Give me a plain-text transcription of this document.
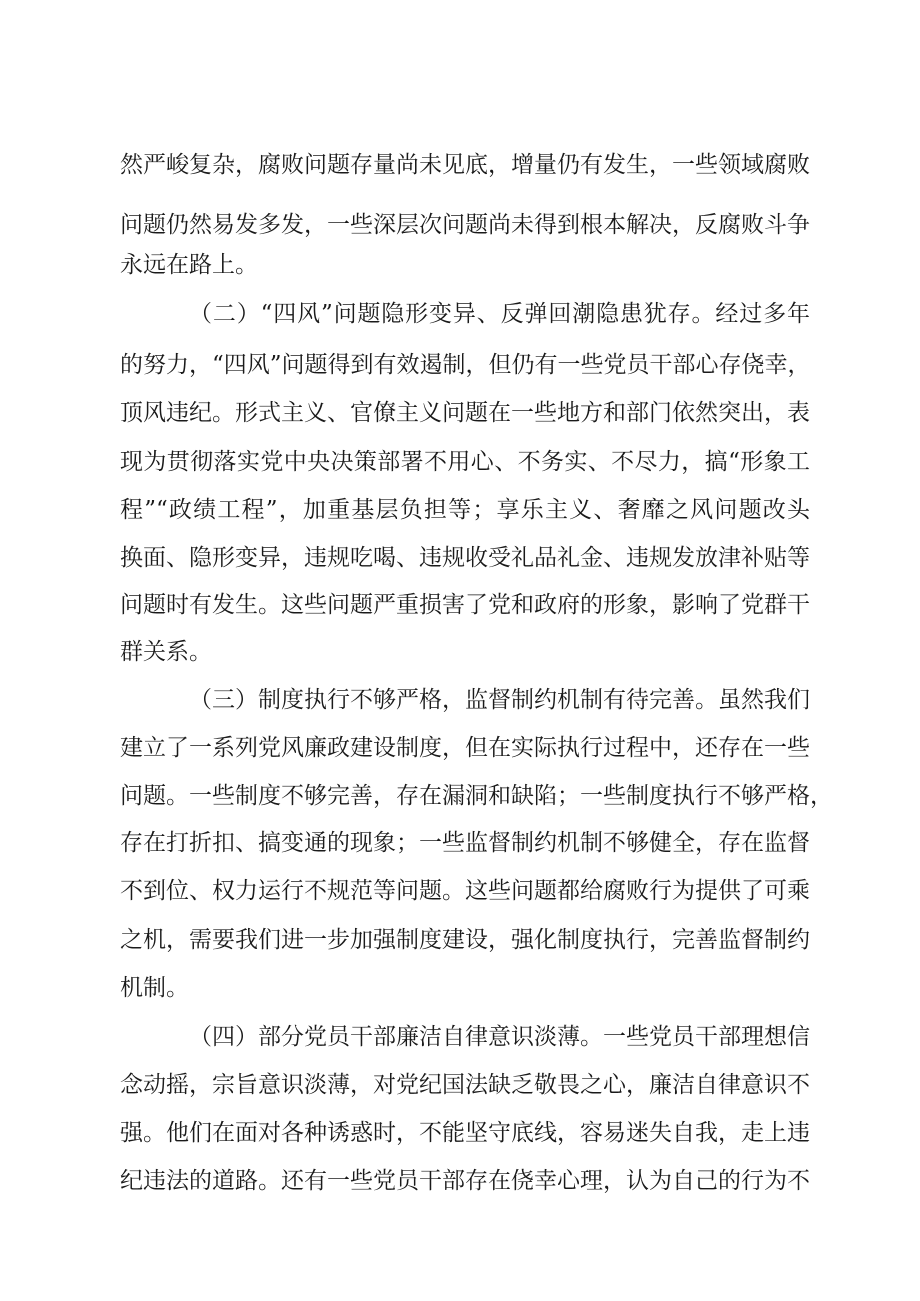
然严峻复杂，腐败问题存量尚未见底，增量仍有发生，一些领域腐败
问题仍然易发多发，一些深层次问题尚未得到根本解决，反腐败斗争
永远在路上。
（二）“四风”问题隐形变异、反弹回潮隐患犹存。经过多年
的努力，“四风”问题得到有效遏制，但仍有一些党员干部心存侥幸，
顶风违纪。形式主义、官僚主义问题在一些地方和部门依然突出，表
现为贯彻落实党中央决策部署不用心、不务实、不尽力，搞“形象工
程”“政绩工程”，加重基层负担等；享乐主义、奢靡之风问题改头
换面、隐形变异，违规吃喝、违规收受礼品礼金、违规发放津补贴等
问题时有发生。这些问题严重损害了党和政府的形象，影响了党群干
群关系。
（三）制度执行不够严格，监督制约机制有待完善。虽然我们
建立了一系列党风廉政建设制度，但在实际执行过程中，还存在一些
问题。一些制度不够完善，存在漏洞和缺陷；一些制度执行不够严格，
存在打折扣、搞变通的现象；一些监督制约机制不够健全，存在监督
不到位、权力运行不规范等问题。这些问题都给腐败行为提供了可乘
之机，需要我们进一步加强制度建设，强化制度执行，完善监督制约
机制。
（四）部分党员干部廉洁自律意识淡薄。一些党员干部理想信
念动摇，宗旨意识淡薄，对党纪国法缺乏敬畏之心，廉洁自律意识不
强。他们在面对各种诱惑时，不能坚守底线，容易迷失自我，走上违
纪违法的道路。还有一些党员干部存在侥幸心理，认为自己的行为不
